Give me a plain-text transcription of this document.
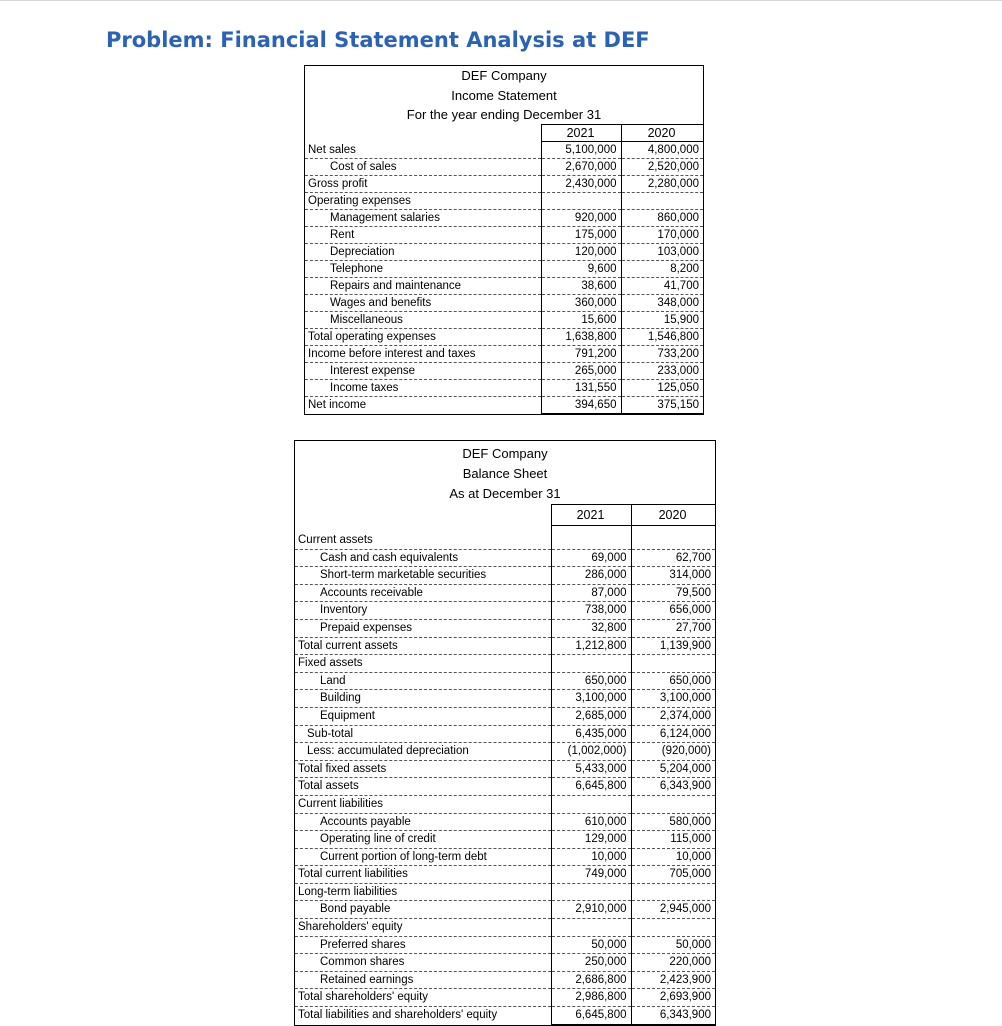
Problem: Financial Statement Analysis at DEF
DEF Company
Income Statement
For the year ending December 31
	2021	2020
Net sales	5,100,000	4,800,000
Cost of sales	2,670,000	2,520,000
Gross profit	2,430,000	2,280,000
Operating expenses		
Management salaries	920,000	860,000
Rent	175,000	170,000
Depreciation	120,000	103,000
Telephone	9,600	8,200
Repairs and maintenance	38,600	41,700
Wages and benefits	360,000	348,000
Miscellaneous	15,600	15,900
Total operating expenses	1,638,800	1,546,800
Income before interest and taxes	791,200	733,200
Interest expense	265,000	233,000
Income taxes	131,550	125,050
Net income	394,650	375,150
DEF Company
Balance Sheet
As at December 31
	2021	2020

Current assets		
Cash and cash equivalents	69,000	62,700
Short-term marketable securities	286,000	314,000
Accounts receivable	87,000	79,500
Inventory	738,000	656,000
Prepaid expenses	32,800	27,700
Total current assets	1,212,800	1,139,900
Fixed assets		
Land	650,000	650,000
Building	3,100,000	3,100,000
Equipment	2,685,000	2,374,000
Sub-total	6,435,000	6,124,000
Less: accumulated depreciation	(1,002,000)	(920,000)
Total fixed assets	5,433,000	5,204,000
Total assets	6,645,800	6,343,900
Current liabilities		
Accounts payable	610,000	580,000
Operating line of credit	129,000	115,000
Current portion of long-term debt	10,000	10,000
Total current liabilities	749,000	705,000
Long-term liabilities		
Bond payable	2,910,000	2,945,000
Shareholders' equity		
Preferred shares	50,000	50,000
Common shares	250,000	220,000
Retained earnings	2,686,800	2,423,900
Total shareholders' equity	2,986,800	2,693,900
Total liabilities and shareholders' equity	6,645,800	6,343,900
